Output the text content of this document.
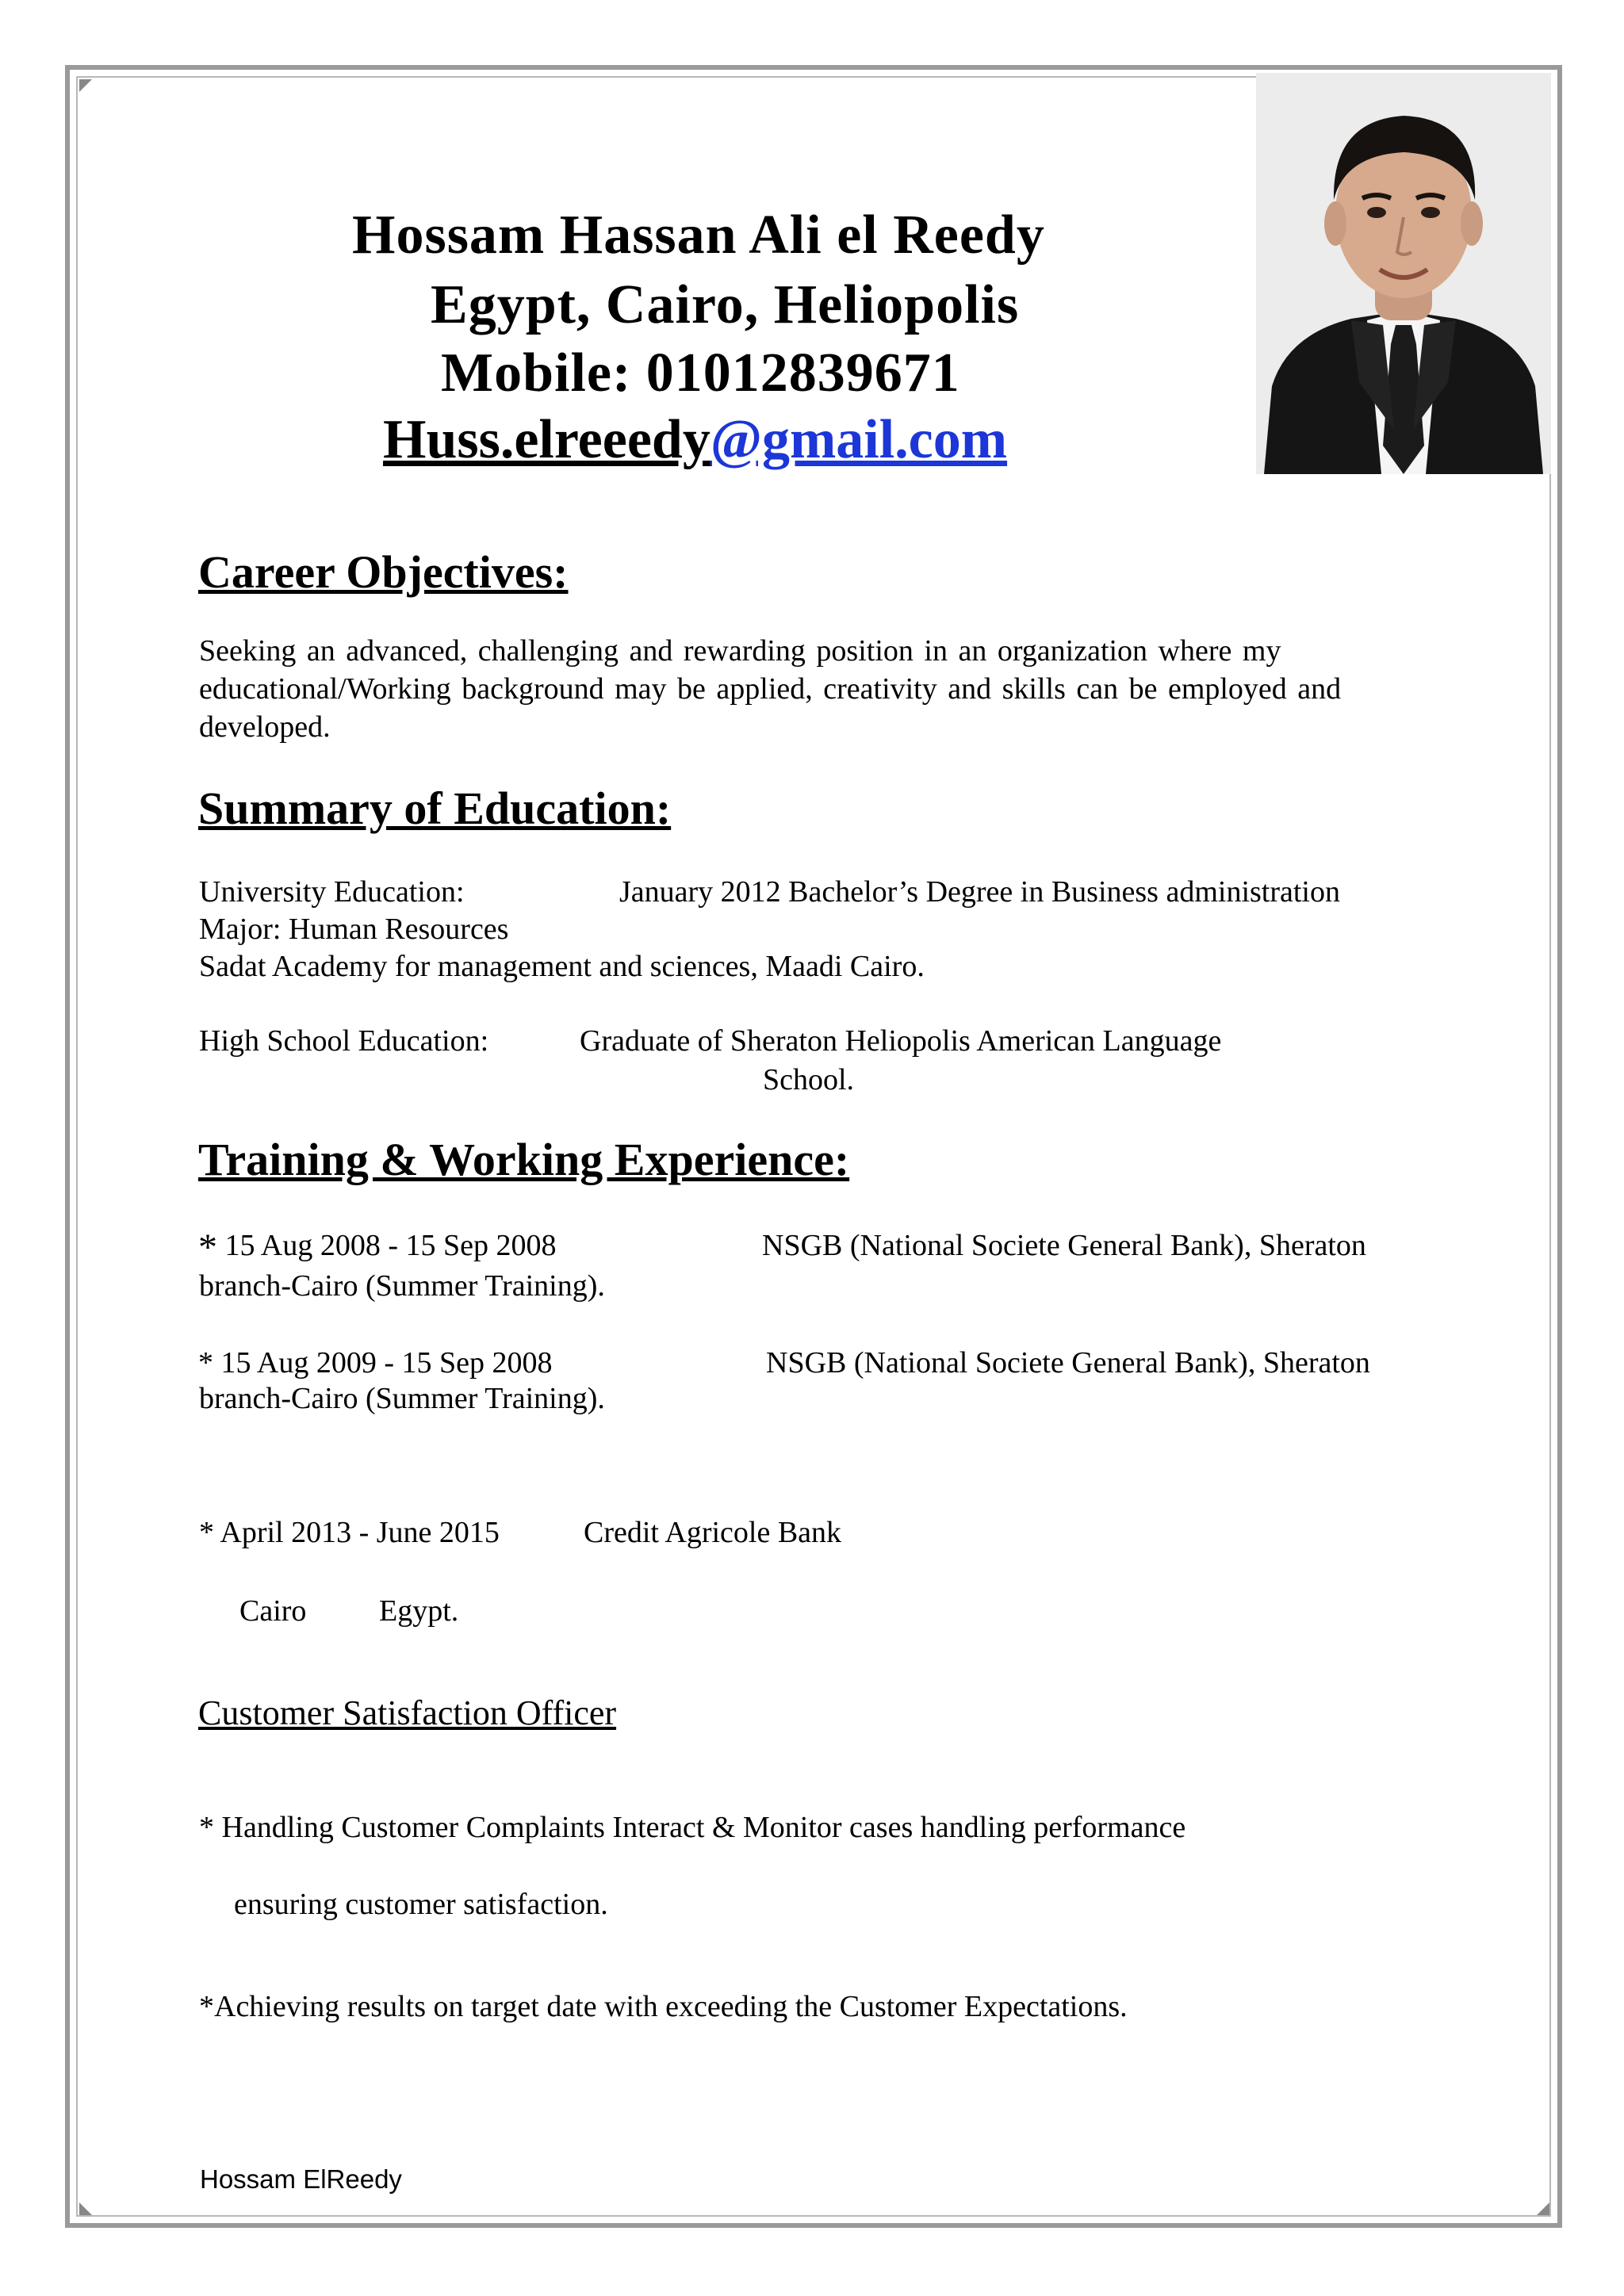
Hossam Hassan Ali el Reedy
Egypt, Cairo, Heliopolis
Mobile: 01012839671
Huss.elreeedy@gmail.com
Career Objectives:
Seeking an advanced, challenging and rewarding position in an organization where my educational/Working background may be applied, creativity and skills can be employed and developed.
Summary of Education:
University Education:	January 2012 Bachelor’s Degree in Business administration
Major: Human Resources
Sadat Academy for management and sciences, Maadi Cairo.
High School Education:	Graduate of Sheraton Heliopolis American Language
School.
Training & Working Experience:
* 15 Aug 2008 - 15 Sep 2008	NSGB (National Societe General Bank), Sheraton
branch-Cairo (Summer Training).
* 15 Aug 2009 - 15 Sep 2008	NSGB (National Societe General Bank), Sheraton
branch-Cairo (Summer Training).
* April 2013 - June 2015	Credit Agricole Bank
Cairo Egypt.
Customer Satisfaction Officer
* Handling Customer Complaints Interact & Monitor cases handling performance
ensuring customer satisfaction.
*Achieving results on target date with exceeding the Customer Expectations.
Hossam ElReedy
